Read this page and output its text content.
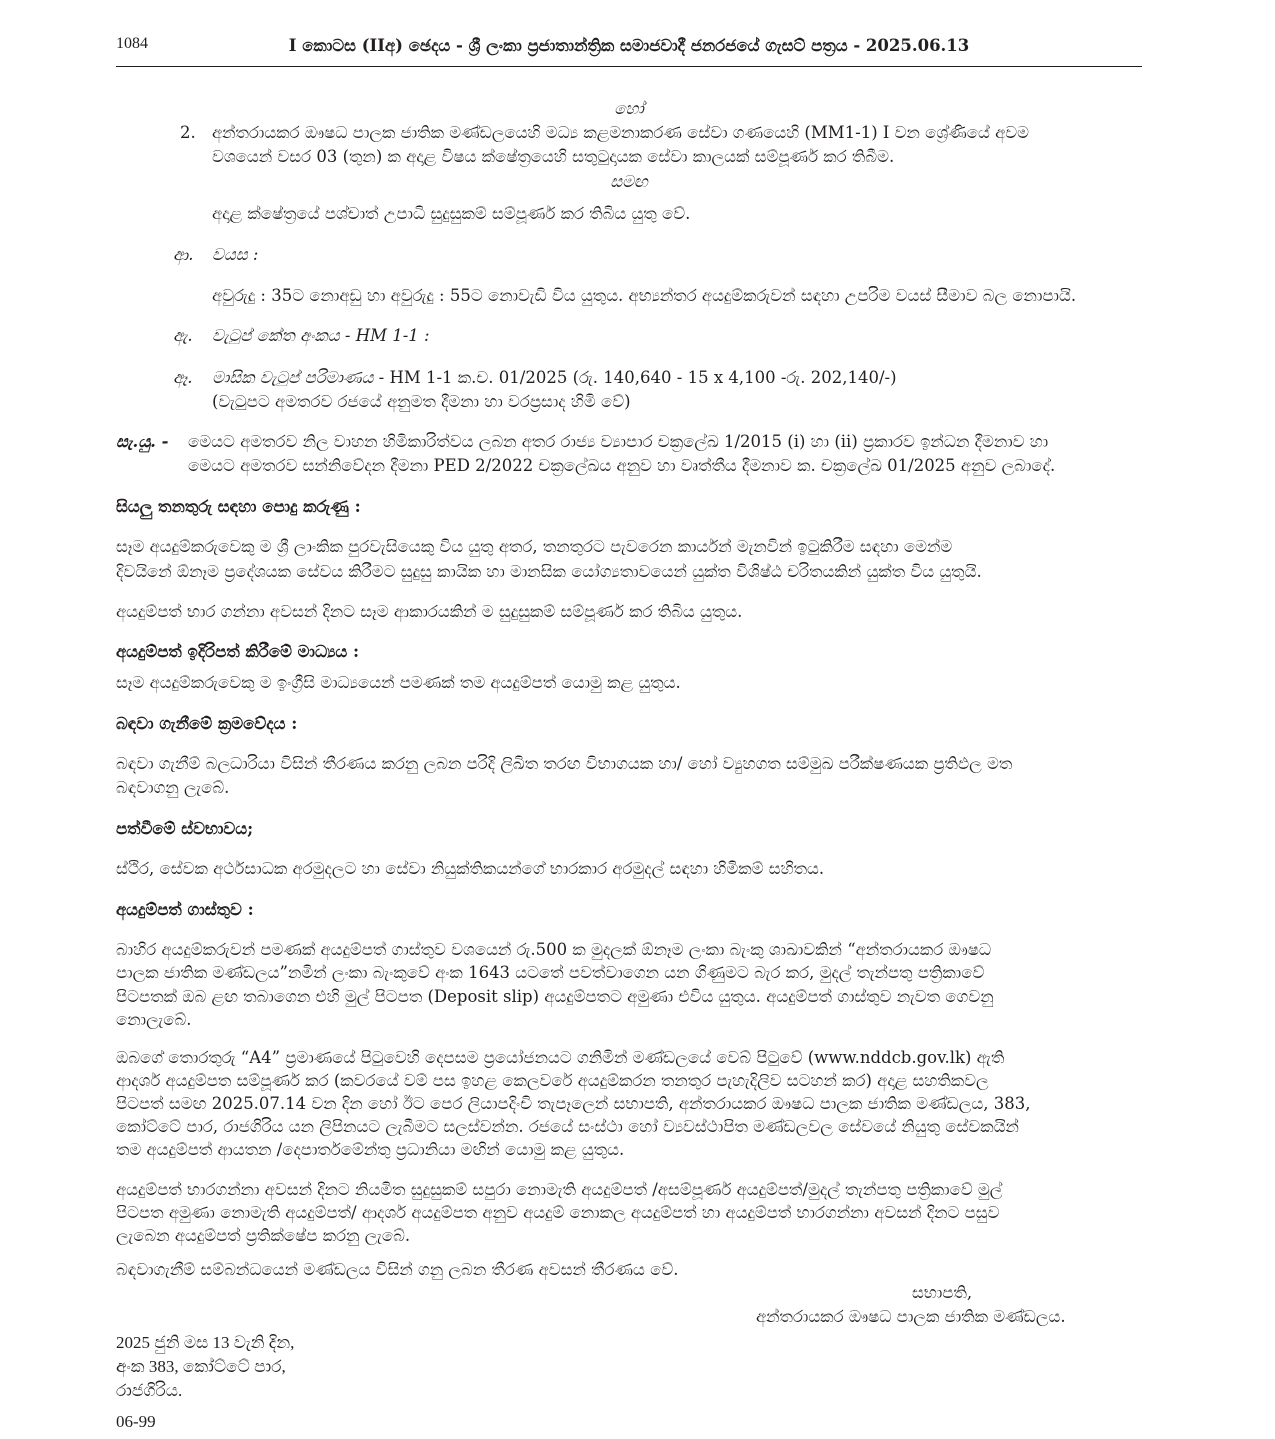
1084	I කොටස (IIඅ) ඡෙදය - ශ්‍රී ලංකා ප්‍රජාතාන්ත්‍රික සමාජවාදී ජනරජයේ ගැසට් පත්‍රය - 2025.06.13
හෝ
2. අන්තරායකර ඖෂධ පාලක ජාතික මණ්ඩලයෙහි මධ්‍ය කළමනාකරණ සේවා ගණයෙහි (MM1-1) I වන ශ්‍රේණියේ අවම
වශයෙන් වසර 03 (තුන) ක අදාළ විෂය ක්ෂේත්‍රයෙහි සතුටුදායක සේවා කාලයක් සම්පූර්ණ කර තිබීම.
සමඟ
අදාළ ක්ෂේත්‍රයේ පශ්චාත් උපාධි සුදුසුකම් සම්පූර්ණ කර තිබිය යුතු වේ.
ආ. වයස :
අවුරුදු : 35ට නොඅඩු හා අවුරුදු : 55ට නොවැඩි විය යුතුය. අභ්‍යන්තර අයදුම්කරුවන් සඳහා උපරිම වයස් සීමාව බල නොපායි.
ඇ. වැටුප් කේත අංකය - HM 1-1 :
ඈ. මාසික වැටුප් පරිමාණය - HM 1-1 ක.ච. 01/2025 (රු. 140,640 - 15 x 4,100 -රු. 202,140/-)
(වැටුපට අමතරව රජයේ අනුමත දීමනා හා වරප්‍රසාද හිමි වේ)
සැ.යු. - මෙයට අමතරව නිල වාහන හිමිකාරිත්වය ලබන අතර රාජ්‍ය ව්‍යාපාර චක්‍රලේඛ 1/2015 (i) හා (ii) ප්‍රකාරව ඉන්ධන දීමනාව හා
මෙයට අමතරව සන්නිවේදන දීමනා PED 2/2022 චක්‍රලේඛය අනුව හා වෘත්තීය දීමනාව ක. චක්‍රලේඛ 01/2025 අනුව ලබාදේ.
සියලු තනතුරු සඳහා පොදු කරුණු :
සෑම අයදුම්කරුවෙකු ම ශ්‍රී ලාංකික පුරවැසියෙකු විය යුතු අතර, තනතුරට පැවරෙන කාර්යන් මැනවින් ඉටුකිරීම සඳහා මෙන්ම
දිවයිනේ ඕනෑම ප්‍රදේශයක සේවය කිරීමට සුදුසු කායික හා මානසික යෝග්‍යතාවයෙන් යුක්ත විශිෂ්ඨ චරිතයකින් යුක්ත විය යුතුයි.
අයදුම්පත් භාර ගන්නා අවසන් දිනට සෑම ආකාරයකින් ම සුදුසුකම් සම්පූර්ණ කර තිබිය යුතුය.
අයදුම්පත් ඉදිරිපත් කිරීමේ මාධ්‍යය :
සෑම අයදුම්කරුවෙකු ම ඉංග්‍රීසි මාධ්‍යයෙන් පමණක් තම අයදුම්පත් යොමු කළ යුතුය.
බඳවා ගැනීමේ ක්‍රමවේදය :
බඳවා ගැනීම් බලධාරියා විසින් තීරණය කරනු ලබන පරිදි ලිඛිත තරඟ විභාගයක හා/ හෝ ව්‍යුහගත සම්මුඛ පරීක්ෂණයක ප්‍රතිඵල මත
බඳවාගනු ලැබේ.
පත්වීමේ ස්වභාවය;
ස්ථිර, සේවක අර්ථසාධක අරමුදලට හා සේවා නියුක්තිකයන්ගේ භාරකාර අරමුදල් සඳහා හිමිකම් සහිතය.
අයදුම්පත් ගාස්තුව :
බාහිර අයදුම්කරුවන් පමණක් අයදුම්පත් ගාස්තුව වශයෙන් රු.500 ක මුදලක් ඕනෑම ලංකා බැංකු ශාඛාවකින් “අන්තරායකර ඖෂධ
පාලක ජාතික මණ්ඩලය”නමින් ලංකා බැංකුවේ අංක 1643 යටතේ පවත්වාගෙන යන ගිණුමට බැර කර, මුදල් තැන්පතු පත්‍රිකාවේ
පිටපතක් ඔබ ළඟ තබාගෙන එහි මුල් පිටපත (Deposit slip) අයදුම්පතට අමුණා එවිය යුතුය. අයදුම්පත් ගාස්තුව නැවත ගෙවනු
නොලැබේ.
ඔබගේ තොරතුරු “A4” ප්‍රමාණයේ පිටුවෙහි දෙපසම ප්‍රයෝජනයට ගනිමින් මණ්ඩලයේ වෙබ් පිටුවේ (www.nddcb.gov.lk) ඇති
ආදර්ශ අයදුම්පත සම්පූර්ණ කර (කවරයේ වම් පස ඉහළ කෙලවරේ අයදුම්කරන තනතුර පැහැදිලිව සටහන් කර) අදාළ සහතිකවල
පිටපත් සමඟ 2025.07.14 වන දින හෝ ඊට පෙර ලියාපදිංචි තැපෑලෙන් සභාපති, අන්තරායකර ඖෂධ පාලක ජාතික මණ්ඩලය, 383,
කෝට්ටේ පාර, රාජගිරිය යන ලිපිනයට ලැබීමට සලස්වන්න. රජයේ සංස්ථා හෝ ව්‍යවස්ථාපිත මණ්ඩලවල සේවයේ නියුතු සේවකයින්
තම අයදුම්පත් ආයතන /දෙපාර්තමේන්තු ප්‍රධානියා මඟින් යොමු කළ යුතුය.
අයදුම්පත් භාරගන්නා අවසන් දිනට නියමිත සුදුසුකම් සපුරා නොමැති අයදුම්පත් /අසම්පූර්ණ අයදුම්පත්/මුදල් තැන්පතු පත්‍රිකාවේ මුල්
පිටපත අමුණා නොමැති අයදුම්පත්/ ආදර්ශ අයදුම්පත අනුව අයදුම් නොකල අයදුම්පත් හා අයදුම්පත් භාරගන්නා අවසන් දිනට පසුව
ලැබෙන අයදුම්පත් ප්‍රතික්ෂේප කරනු ලැබේ.
බඳවාගැනීම් සම්බන්ධයෙන් මණ්ඩලය විසින් ගනු ලබන තීරණ අවසන් තීරණය වේ.
සභාපති,
අන්තරායකර ඖෂධ පාලක ජාතික මණ්ඩලය.
2025 ජුනි මස 13 වැනි දින,
අංක 383, කෝට්ටේ පාර,
රාජගිරිය.
06-99
